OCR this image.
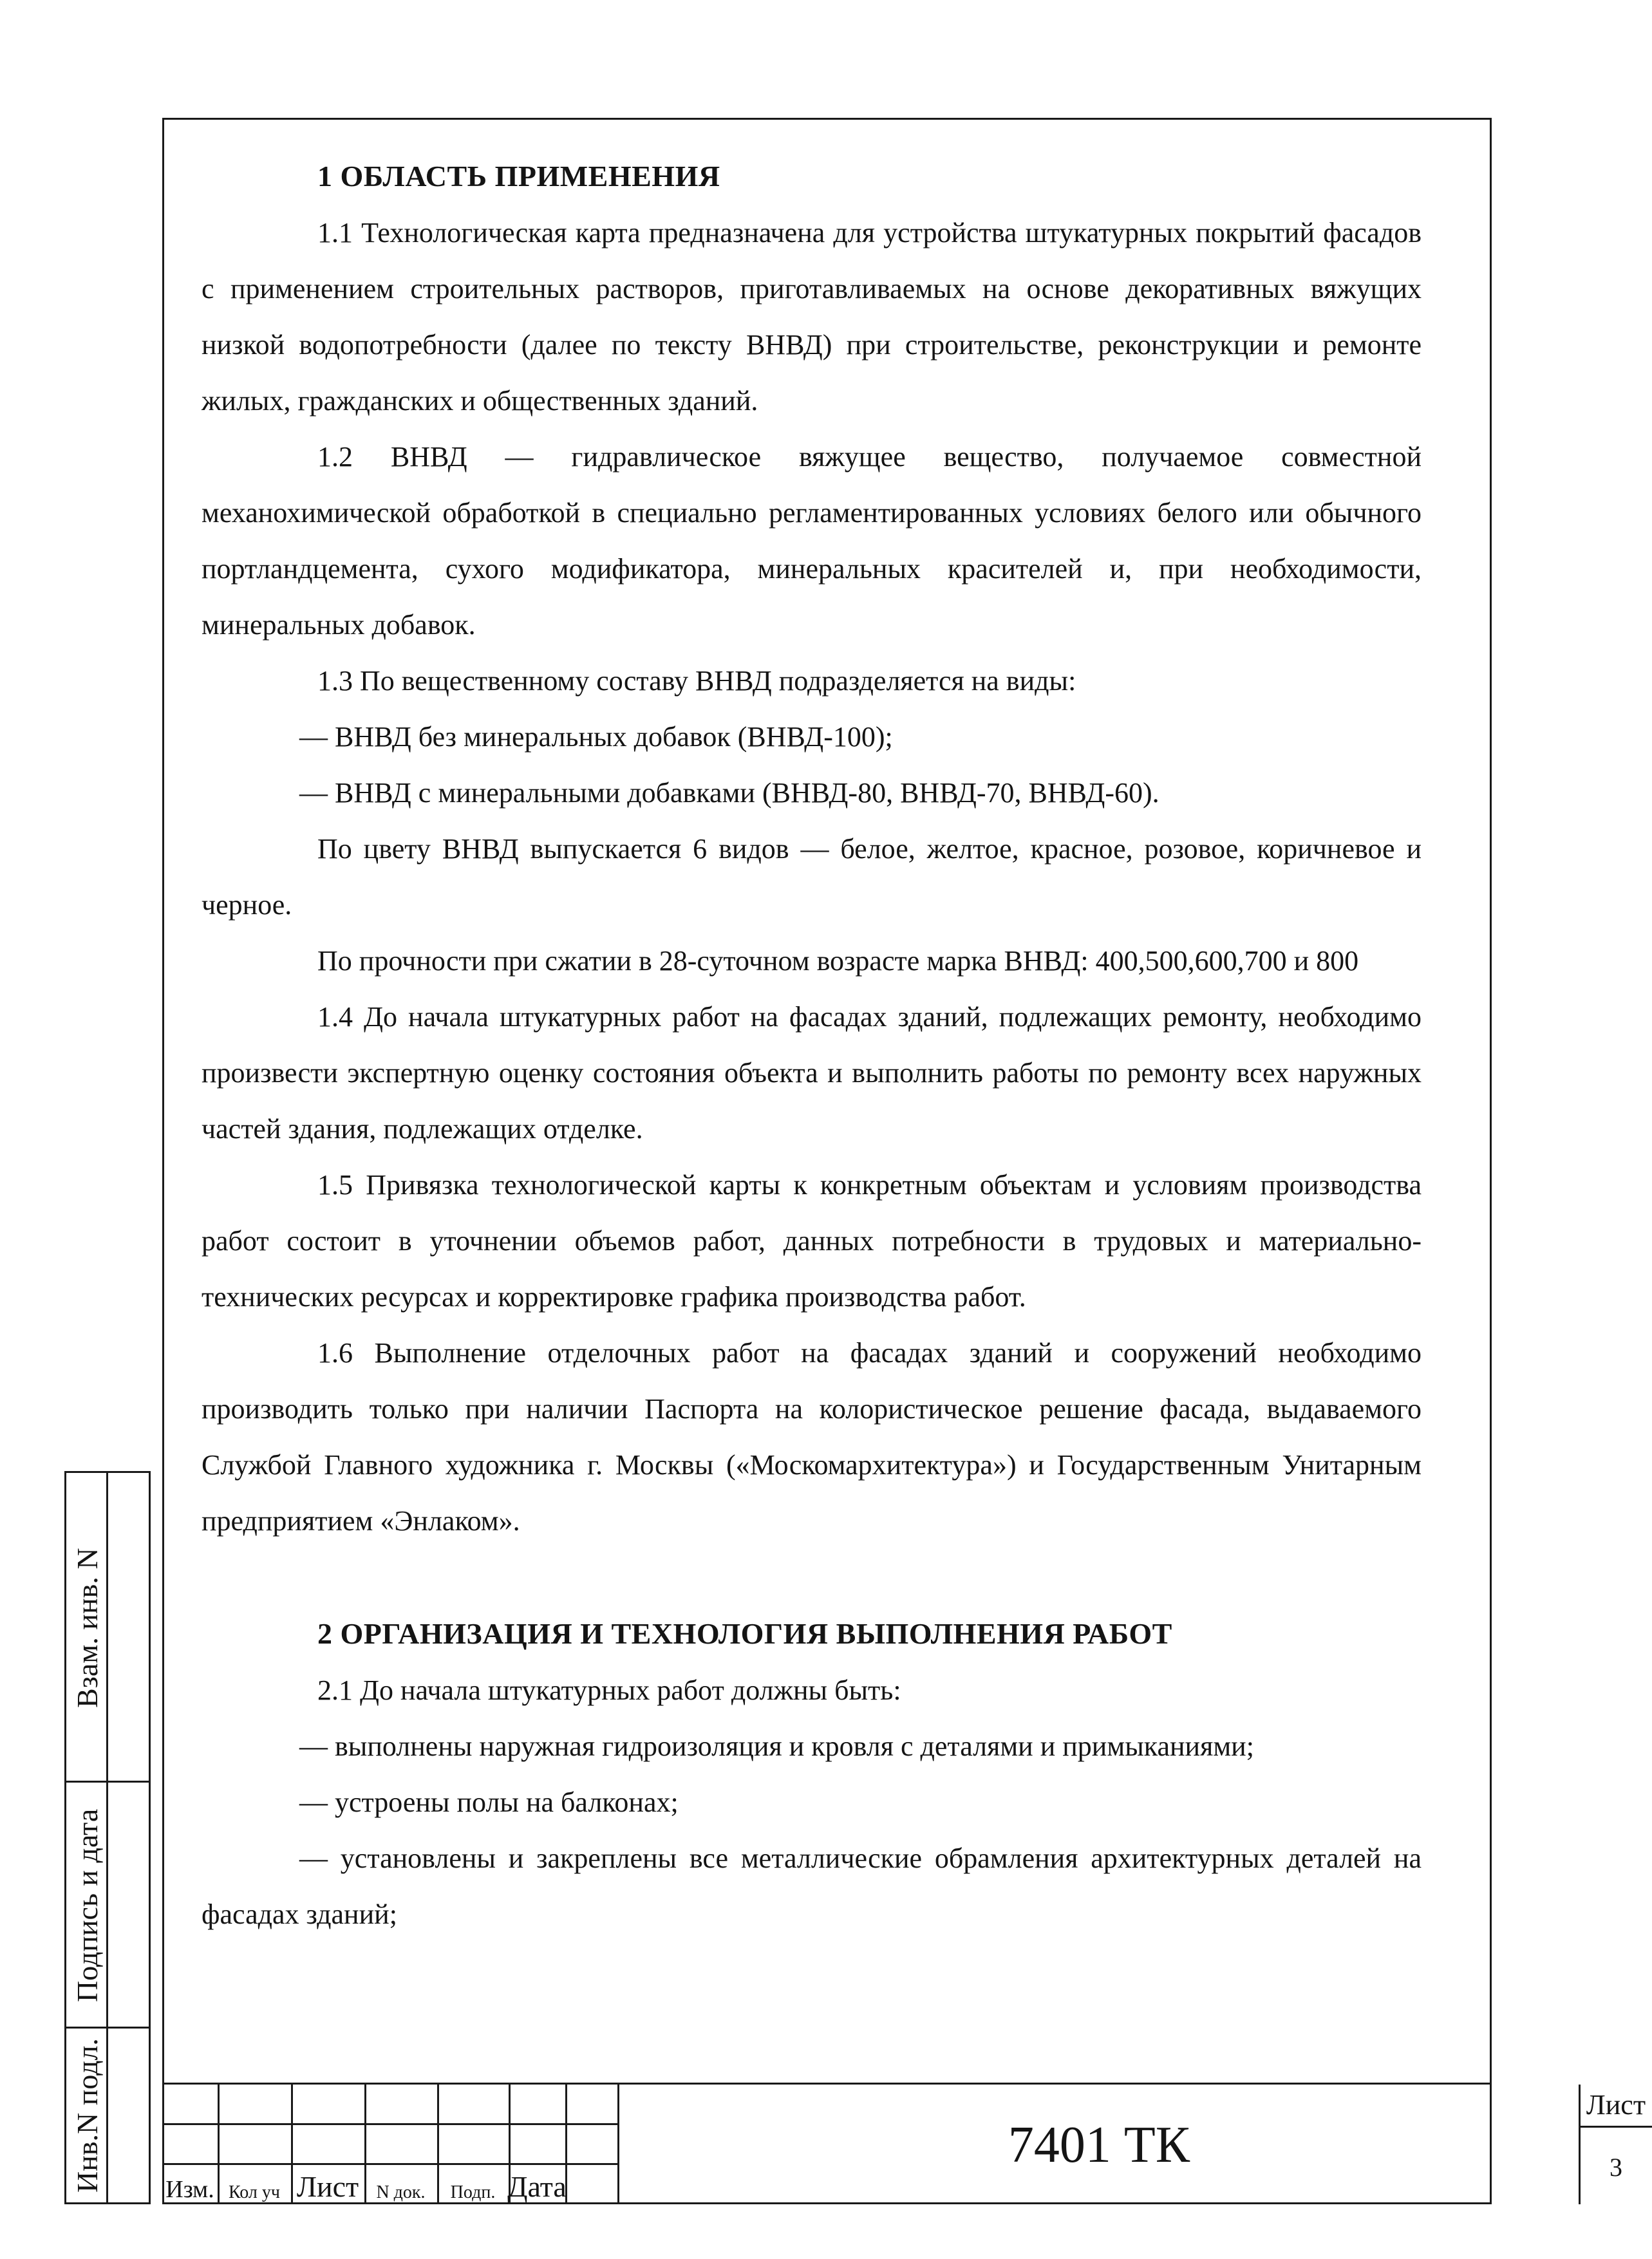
Взам. инв. N
Подпись и дата
Инв.N подл.
1 ОБЛАСТЬ ПРИМЕНЕНИЯ

1.1 Технологическая карта предназначена для устройства штукатурных покрытий фасадов с применением строительных растворов, приготавливаемых на основе декоративных вяжущих низкой водопотребности (далее по тексту ВНВД) при строительстве, реконструкции и ремонте жилых, гражданских и общественных зданий.

1.2 ВНВД — гидравлическое вяжущее вещество, получаемое совместной механохимической обработкой в специально регламентированных условиях белого или обычного портландцемента, сухого модификатора, минеральных красителей и, при необходимости, минеральных добавок.

1.3 По вещественному составу ВНВД подразделяется на виды:

— ВНВД без минеральных добавок (ВНВД-100);

— ВНВД с минеральными добавками (ВНВД-80, ВНВД-70, ВНВД-60).

По цвету ВНВД выпускается 6 видов — белое, желтое, красное, розовое, коричневое и черное.

По прочности при сжатии в 28-суточном возрасте марка ВНВД: 400,500,600,700 и 800

1.4 До начала штукатурных работ на фасадах зданий, подлежащих ремонту, необходимо произвести экспертную оценку состояния объекта и выполнить работы по ремонту всех наружных частей здания, подлежащих отделке.

1.5 Привязка технологической карты к конкретным объектам и условиям производства работ состоит в уточнении объемов работ, данных потребности в трудовых и материально-технических ресурсах и корректировке графика производства работ.

1.6 Выполнение отделочных работ на фасадах зданий и сооружений необходимо производить только при наличии Паспорта на колористическое решение фасада, выдаваемого Службой Главного художника г. Москвы («Москомархитектура») и Государственным Унитарным предприятием «Энлаком».

2 ОРГАНИЗАЦИЯ И ТЕХНОЛОГИЯ ВЫПОЛНЕНИЯ РАБОТ

2.1 До начала штукатурных работ должны быть:

— выполнены наружная гидроизоляция и кровля с деталями и примыканиями;

— устроены полы на балконах;

— установлены и закреплены все металлические обрамления архитектурных деталей на фасадах зданий;

Изм. Кол уч Лист N док.	Подп. Дата
7401 ТК
Лист
3
